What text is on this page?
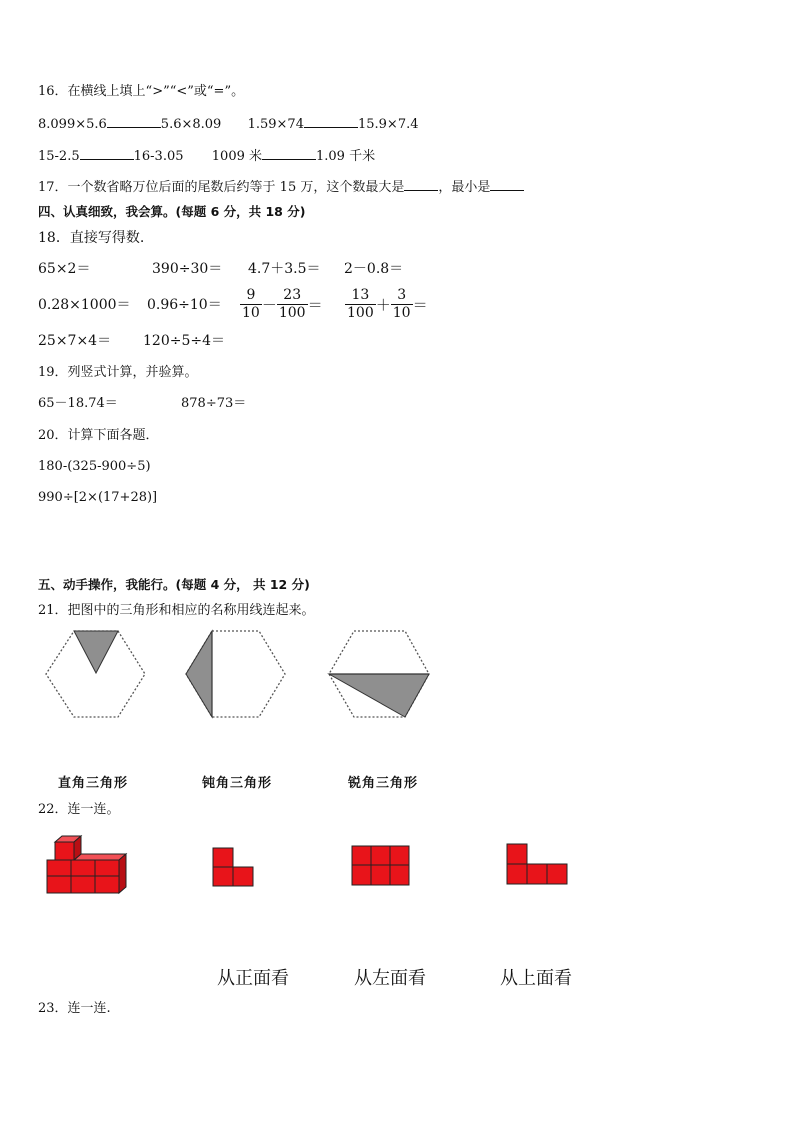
16．在横线上填上“>”“<”或“=”。
8.099×5.6	5.6×8.09 1.59×74	15.9×7.4
15-2.5	16-3.05 1009 米	1.09 千米
17．一个数省略万位后面的尾数后约等于 15 万，这个数最大是	，最小是
四、认真细致，我会算。(每题 6 分，共 18 分)
18．直接写得数.
65×2＝	390÷30＝ 4.7＋3.5＝ 2－0.8＝
$0.28\times 1000= 0.96\div 10= \frac{9}{10} - \frac{23}{100} = \frac{13}{100} + \frac{3}{10}$ ＝
25×7×4＝ 120÷5÷4＝
19．列竖式计算，并验算。
65－18.74＝	878÷73＝
20．计算下面各题．
180-(325-900÷5)
990÷[2×(17+28)]
五、动手操作，我能行。(每题 4 分， 共 12 分)
21．把图中的三角形和相应的名称用线连起来。
直角三角形	钝角三角形	锐角三角形
22．连一连。
从正面看	从左面看	从上面看
23．连一连.
